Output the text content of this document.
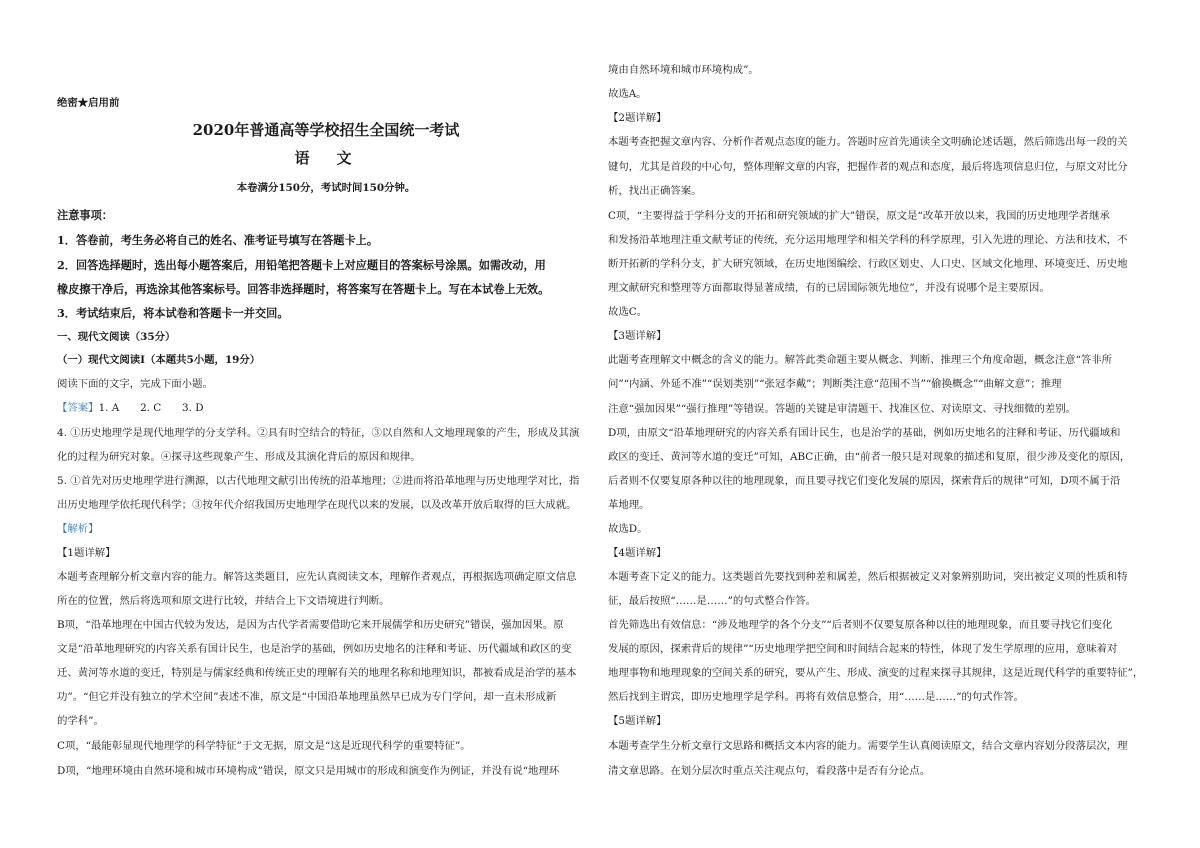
绝密★启用前
2020年普通高等学校招生全国统一考试
语　文
本卷满分150分，考试时间150分钟。
注意事项：
1．答卷前，考生务必将自己的姓名、准考证号填写在答题卡上。
2．回答选择题时，选出每小题答案后，用铅笔把答题卡上对应题目的答案标号涂黑。如需改动，用
橡皮擦干净后，再选涂其他答案标号。回答非选择题时，将答案写在答题卡上。写在本试卷上无效。
3．考试结束后，将本试卷和答题卡一并交回。
一、现代文阅读（35分）
（一）现代文阅读Ⅰ（本题共5小题，19分）
阅读下面的文字，完成下面小题。
【答案】1. A　　2. C　　3. D
4. ①历史地理学是现代地理学的分支学科。②具有时空结合的特征，③以自然和人文地理现象的产生，形成及其演
化的过程为研究对象。④探寻这些现象产生、形成及其演化背后的原因和规律。
5. ①首先对历史地理学进行溯源，以古代地理文献引出传统的沿革地理；②进而将沿革地理与历史地理学对比，指
出历史地理学依托现代科学；③按年代介绍我国历史地理学在现代以来的发展，以及改革开放后取得的巨大成就。
【解析】
【1题详解】
本题考查理解分析文章内容的能力。解答这类题目，应先认真阅读文本，理解作者观点，再根据选项确定原文信息
所在的位置，然后将选项和原文进行比较，并结合上下文语境进行判断。
B项，“沿革地理在中国古代较为发达，是因为古代学者需要借助它来开展儒学和历史研究”错误，强加因果。原
文是“沿革地理研究的内容关系有国计民生，也是治学的基础，例如历史地名的注释和考证、历代疆域和政区的变
迁、黄河等水道的变迁，特别是与儒家经典和传统正史的理解有关的地理名称和地理知识，都被看成是治学的基本
功”。“但它并没有独立的学术空间”表述不准，原文是“中国沿革地理虽然早已成为专门学问，却一直未形成新
的学科”。
C项，“最能彰显现代地理学的科学特征”于文无据，原文是“这是近现代科学的重要特征”。
D项，“地理环境由自然环境和城市环境构成”错误，原文只是用城市的形成和演变作为例证，并没有说“地理环
境由自然环境和城市环境构成”。
故选A。
【2题详解】
本题考查把握文章内容、分析作者观点态度的能力。答题时应首先通读全文明确论述话题，然后筛选出每一段的关
键句，尤其是首段的中心句，整体理解文章的内容，把握作者的观点和态度，最后将选项信息归位，与原文对比分
析，找出正确答案。
C项，“主要得益于学科分支的开拓和研究领域的扩大”错误，原文是“改革开放以来，我国的历史地理学者继承
和发扬沿革地理注重文献考证的传统，充分运用地理学和相关学科的科学原理，引入先进的理论、方法和技术，不
断开拓新的学科分支，扩大研究领域，在历史地图编绘、行政区划史、人口史、区域文化地理、环境变迁、历史地
理文献研究和整理等方面都取得显著成绩，有的已居国际领先地位”，并没有说哪个是主要原因。
故选C。
【3题详解】
此题考查理解文中概念的含义的能力。解答此类命题主要从概念、判断、推理三个角度命题，概念注意“答非所
问”“内涵、外延不准”“误划类别”“张冠李戴”；判断类注意“范围不当”“偷换概念”“曲解文意”；推理
注意“强加因果”“强行推理”等错误。答题的关键是审清题干、找准区位、对读原文、寻找细微的差别。
D项，由原文“沿革地理研究的内容关系有国计民生，也是治学的基础，例如历史地名的注释和考证、历代疆域和
政区的变迁、黄河等水道的变迁”可知，ABC正确，由“前者一般只是对现象的描述和复原，很少涉及变化的原因，
后者则不仅要复原各种以往的地理现象，而且要寻找它们变化发展的原因，探索背后的规律”可知，D项不属于沿
革地理。
故选D。
【4题详解】
本题考查下定义的能力。这类题首先要找到种差和属差，然后根据被定义对象辨别助词，突出被定义项的性质和特
征，最后按照“……是……”的句式整合作答。
首先筛选出有效信息：“涉及地理学的各个分支”“后者则不仅要复原各种以往的地理现象，而且要寻找它们变化
发展的原因，探索背后的规律”“历史地理学把空间和时间结合起来的特性，体现了发生学原理的应用，意味着对
地理事物和地理现象的空间关系的研究，要从产生、形成、演变的过程来探寻其规律，这是近现代科学的重要特征”，
然后找到主谓宾，即历史地理学是学科。再将有效信息整合，用“……是……”的句式作答。
【5题详解】
本题考查学生分析文章行文思路和概括文本内容的能力。需要学生认真阅读原文，结合文章内容划分段落层次，理
清文章思路。在划分层次时重点关注观点句，看段落中是否有分论点。
